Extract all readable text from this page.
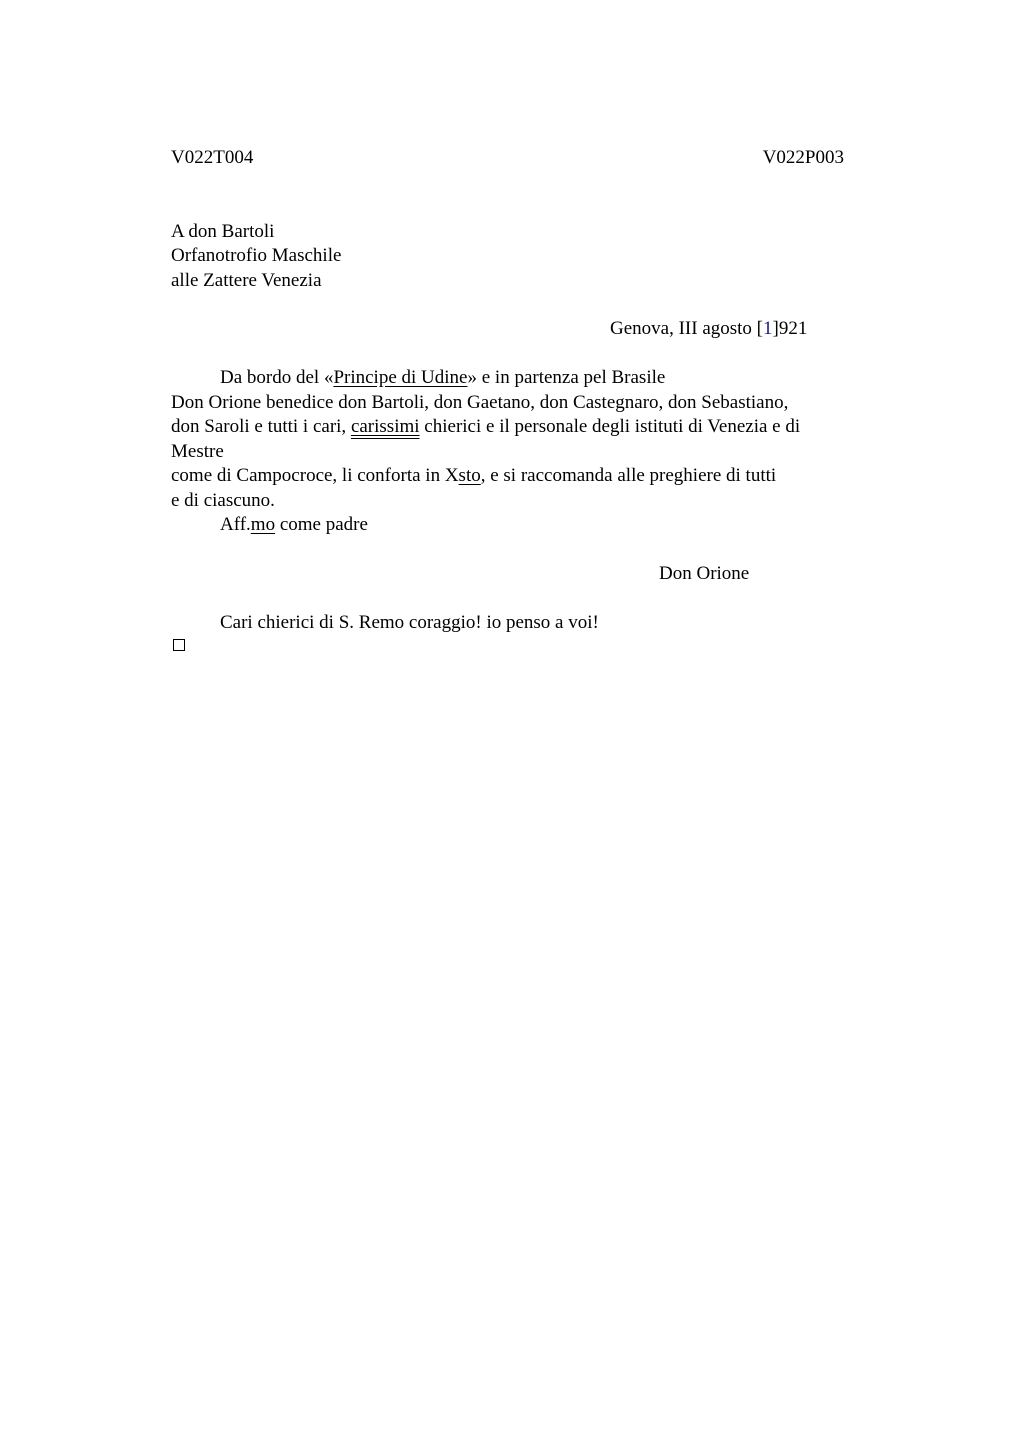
V022T004	V022P003
A don Bartoli
Orfanotrofio Maschile
alle Zattere Venezia
Genova, III agosto [1]921
Da bordo del «Principe di Udine» e in partenza pel Brasile
Don Orione benedice don Bartoli, don Gaetano, don Castegnaro, don Sebastiano,
don Saroli e tutti i cari, carissimi chierici e il personale degli istituti di Venezia e di
Mestre
come di Campocroce, li conforta in Xsto, e si raccomanda alle preghiere di tutti
e di ciascuno.
Aff.mo come padre
Don Orione
Cari chierici di S. Remo coraggio! io penso a voi!
